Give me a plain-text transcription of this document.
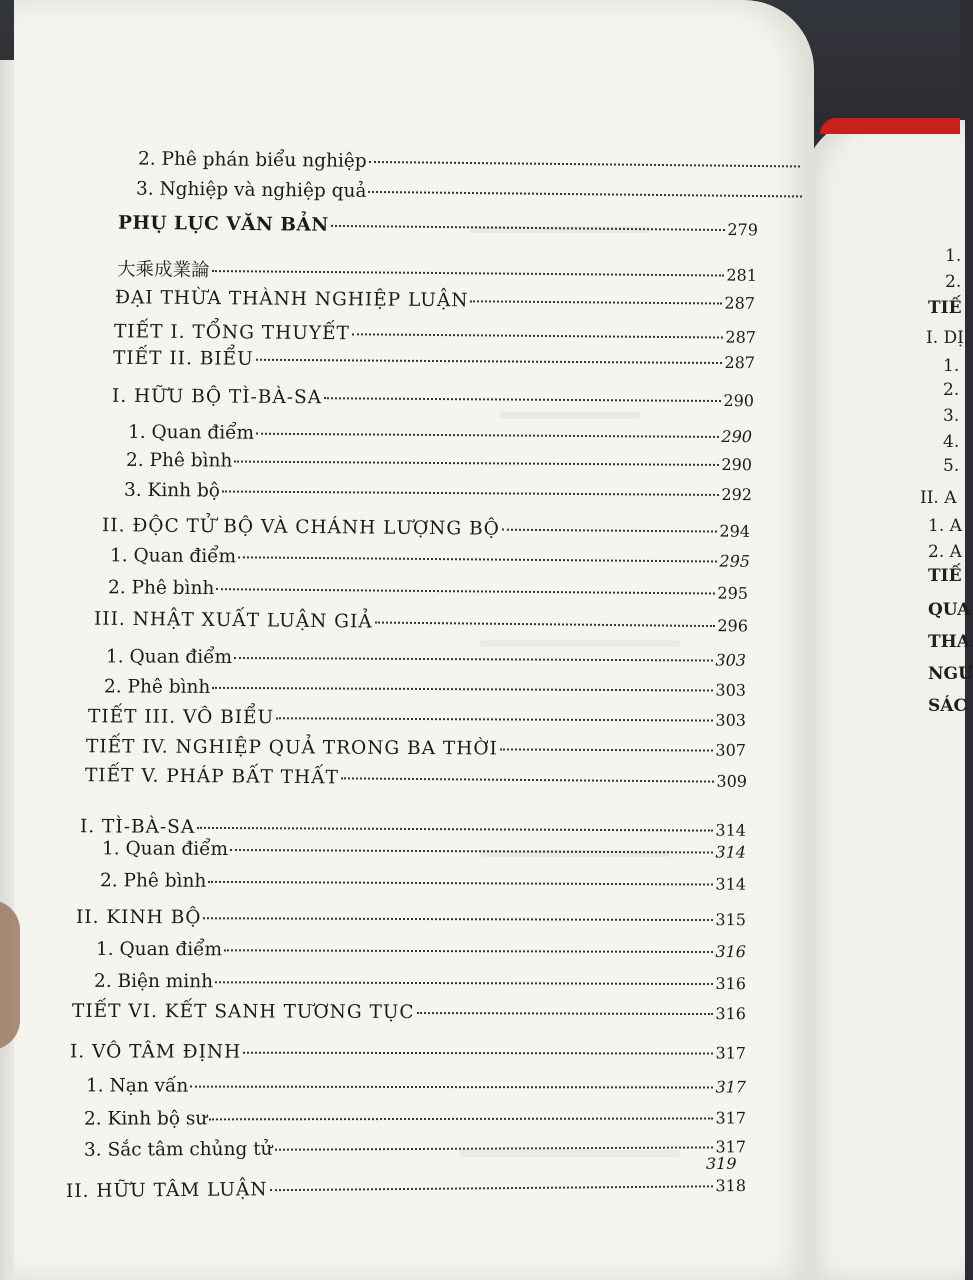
2. Phê phán biểu nghiệp
3. Nghiệp và nghiệp quả
PHỤ LỤC VĂN BẢN	279
大乘成業論	281
ĐẠI THỪA THÀNH NGHIỆP LUẬN	287
TIẾT I. TỔNG THUYẾT	287
TIẾT II. BIỂU	287
I. HỮU BỘ TÌ-BÀ-SA	290
1. Quan điểm	290
2. Phê bình	290
3. Kinh bộ	292
II. ĐỘC TỬ BỘ VÀ CHÁNH LƯỢNG BỘ	294
1. Quan điểm	295
2. Phê bình	295
III. NHẬT XUẤT LUẬN GIẢ	296
1. Quan điểm	303
2. Phê bình	303
TIẾT III. VÔ BIỂU	303
TIẾT IV. NGHIỆP QUẢ TRONG BA THỜI	307
TIẾT V. PHÁP BẤT THẤT	309
I. TÌ-BÀ-SA	314
1. Quan điểm	314
2. Phê bình	314
II. KINH BỘ	315
1. Quan điểm	316
2. Biện minh	316
TIẾT VI. KẾT SANH TƯƠNG TỤC	316
I. VÔ TÂM ĐỊNH	317
1. Nạn vấn	317
2. Kinh bộ sư	317
3. Sắc tâm chủng tử	317
319
II. HỮU TÂM LUẬN	318
1.
2.
TIẾ
I. DỊ
1.
2.
3.
4.
5.
II. A
1. A
2. A
TIẾ
QUA
THA
NGƯ
SÁC
